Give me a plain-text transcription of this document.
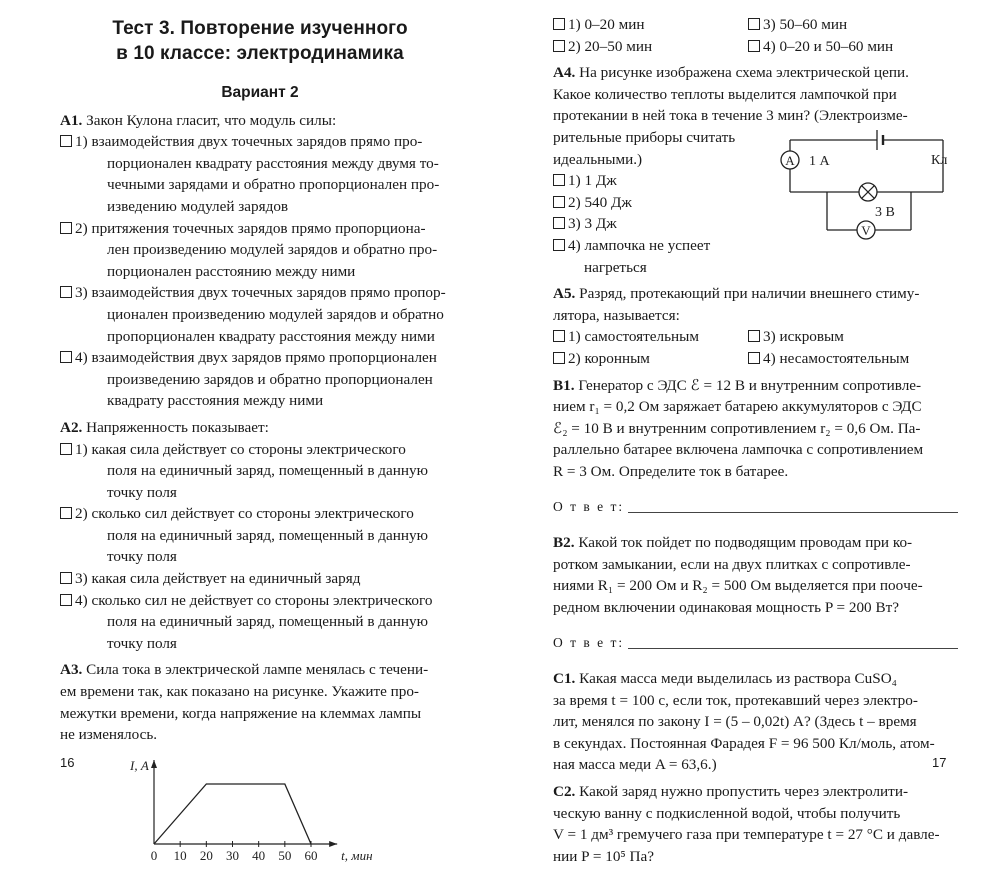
Тест 3. Повторение изученного
в 10 классе: электродинамика
Вариант 2
А1. Закон Кулона гласит, что модуль силы:
1) взаимодействия двух точечных зарядов прямо про-
порционален квадрату расстояния между двумя то-
чечными зарядами и обратно пропорционален про-
изведению модулей зарядов
2) притяжения точечных зарядов прямо пропорциона-
лен произведению модулей зарядов и обратно про-
порционален расстоянию между ними
3) взаимодействия двух точечных зарядов прямо пропор-
ционален произведению модулей зарядов и обратно
пропорционален квадрату расстояния между ними
4) взаимодействия двух зарядов прямо пропорционален
произведению зарядов и обратно пропорционален
квадрату расстояния между ними
А2. Напряженность показывает:
1) какая сила действует со стороны электрического
поля на единичный заряд, помещенный в данную
точку поля
2) сколько сил действует со стороны электрического
поля на единичный заряд, помещенный в данную
точку поля
3) какая сила действует на единичный заряд
4) сколько сил не действует со стороны электрического
поля на единичный заряд, помещенный в данную
точку поля
А3. Сила тока в электрической лампе менялась с течени-
ем времени так, как показано на рисунке. Укажите про-
межутки времени, когда напряжение на клеммах лампы
не изменялось.
0 10 20 30 40 50 60 t, мин
I, А
16
1) 0–20 мин	3) 50–60 мин
2) 20–50 мин	4) 0–20 и 50–60 мин
А4. На рисунке изображена схема электрической цепи.
Какое количество теплоты выделится лампочкой при
протекании в ней тока в течение 3 мин? (Электроизме-
рительные приборы считать
идеальными.)
1) 1 Дж
2) 540 Дж
3) 3 Дж
4) лампочка не успеет
нагреться
A 1 А	Кл
V
3 В
А5. Разряд, протекающий при наличии внешнего стиму-
лятора, называется:
1) самостоятельным	3) искровым
2) коронным	4) несамостоятельным
В1. Генератор с ЭДС ℰ = 12 В и внутренним сопротивле-
нием r₁ = 0,2 Ом заряжает батарею аккумуляторов с ЭДС
ℰ₂ = 10 В и внутренним сопротивлением r₂ = 0,6 Ом. Па-
раллельно батарее включена лампочка с сопротивлением
R = 3 Ом. Определите ток в батарее.
О т в е т:
В2. Какой ток пойдет по подводящим проводам при ко-
ротком замыкании, если на двух плитках с сопротивле-
ниями R₁ = 200 Ом и R₂ = 500 Ом выделяется при поoче-
редном включении одинаковая мощность P = 200 Вт?
О т в е т:
С1. Какая масса меди выделилась из раствора CuSO₄
за время t = 100 с, если ток, протекавший через электро-
лит, менялся по закону I = (5 – 0,02t) А? (Здесь t – время
в секундах. Постоянная Фарадея F = 96 500 Кл/моль, атом-
ная масса меди A = 63,6.)
С2. Какой заряд нужно пропустить через электролити-
ческую ванну с подкисленной водой, чтобы получить
V = 1 дм³ гремучего газа при температуре t = 27 °С и давле-
нии P = 10⁵ Па?
17
